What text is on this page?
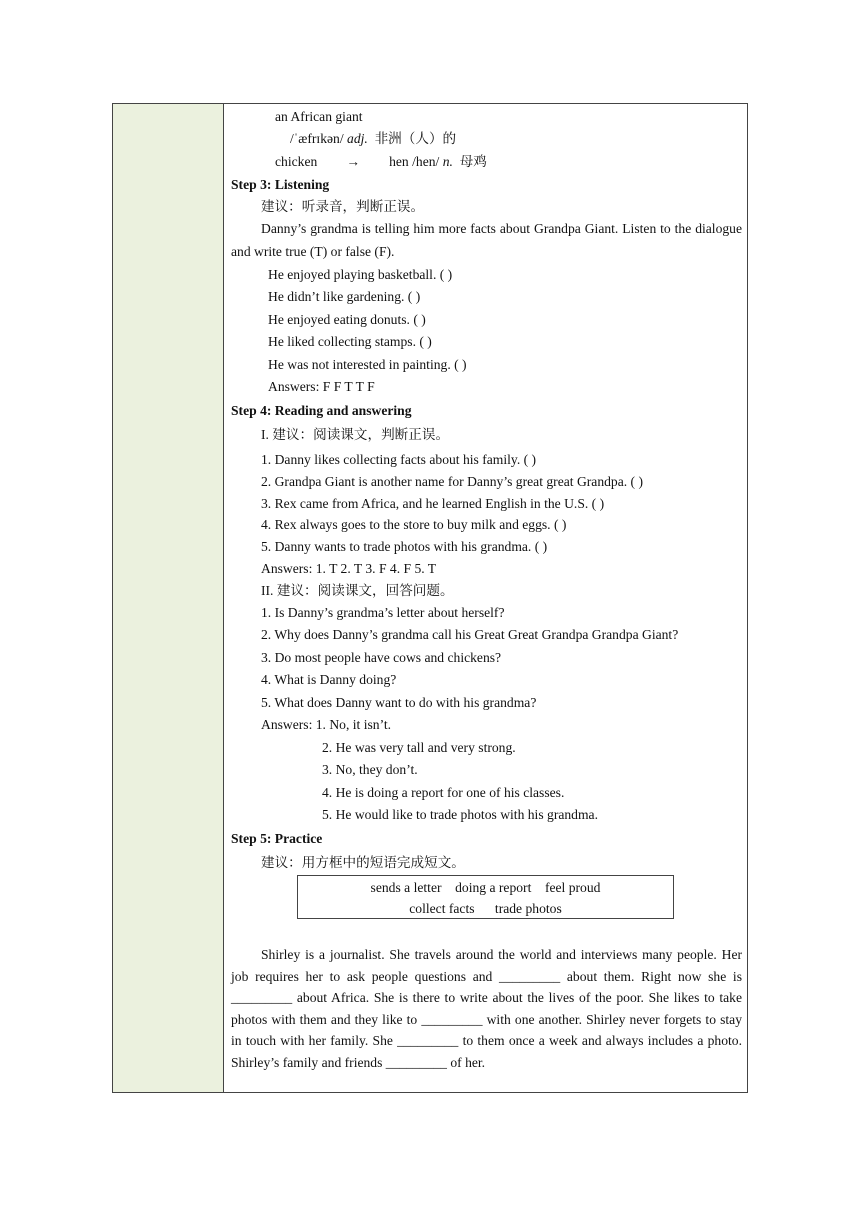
an African giant
/ˈæfrɪkən/ adj. 非洲（人）的
chicken → hen /hen/ n. 母鸡
Step 3: Listening
建议：听录音，判断正误。
Danny’s grandma is telling him more facts about Grandpa Giant. Listen to the dialogue and write true (T) or false (F).
He enjoyed playing basketball. ( )
He didn’t like gardening. ( )
He enjoyed eating donuts. ( )
He liked collecting stamps. ( )
He was not interested in painting. ( )
Answers: F F T T F
Step 4: Reading and answering
I. 建议：阅读课文，判断正误。
1. Danny likes collecting facts about his family. ( )
2. Grandpa Giant is another name for Danny’s great great Grandpa. ( )
3. Rex came from Africa, and he learned English in the U.S. ( )
4. Rex always goes to the store to buy milk and eggs. ( )
5. Danny wants to trade photos with his grandma. ( )
Answers: 1. T 2. T 3. F 4. F 5. T
II. 建议：阅读课文，回答问题。
1. Is Danny’s grandma’s letter about herself?
2. Why does Danny’s grandma call his Great Great Grandpa Grandpa Giant?
3. Do most people have cows and chickens?
4. What is Danny doing?
5. What does Danny want to do with his grandma?
Answers: 1. No, it isn’t.
2. He was very tall and very strong.
3. No, they don’t.
4. He is doing a report for one of his classes.
5. He would like to trade photos with his grandma.
Step 5: Practice
建议：用方框中的短语完成短文。
sends a letter    doing a report    feel proud
collect facts      trade photos
Shirley is a journalist. She travels around the world and interviews many people. Her job requires her to ask people questions and _________ about them. Right now she is _________ about Africa. She is there to write about the lives of the poor. She likes to take photos with them and they like to _________ with one another. Shirley never forgets to stay in touch with her family. She _________ to them once a week and always includes a photo. Shirley’s family and friends _________ of her.
